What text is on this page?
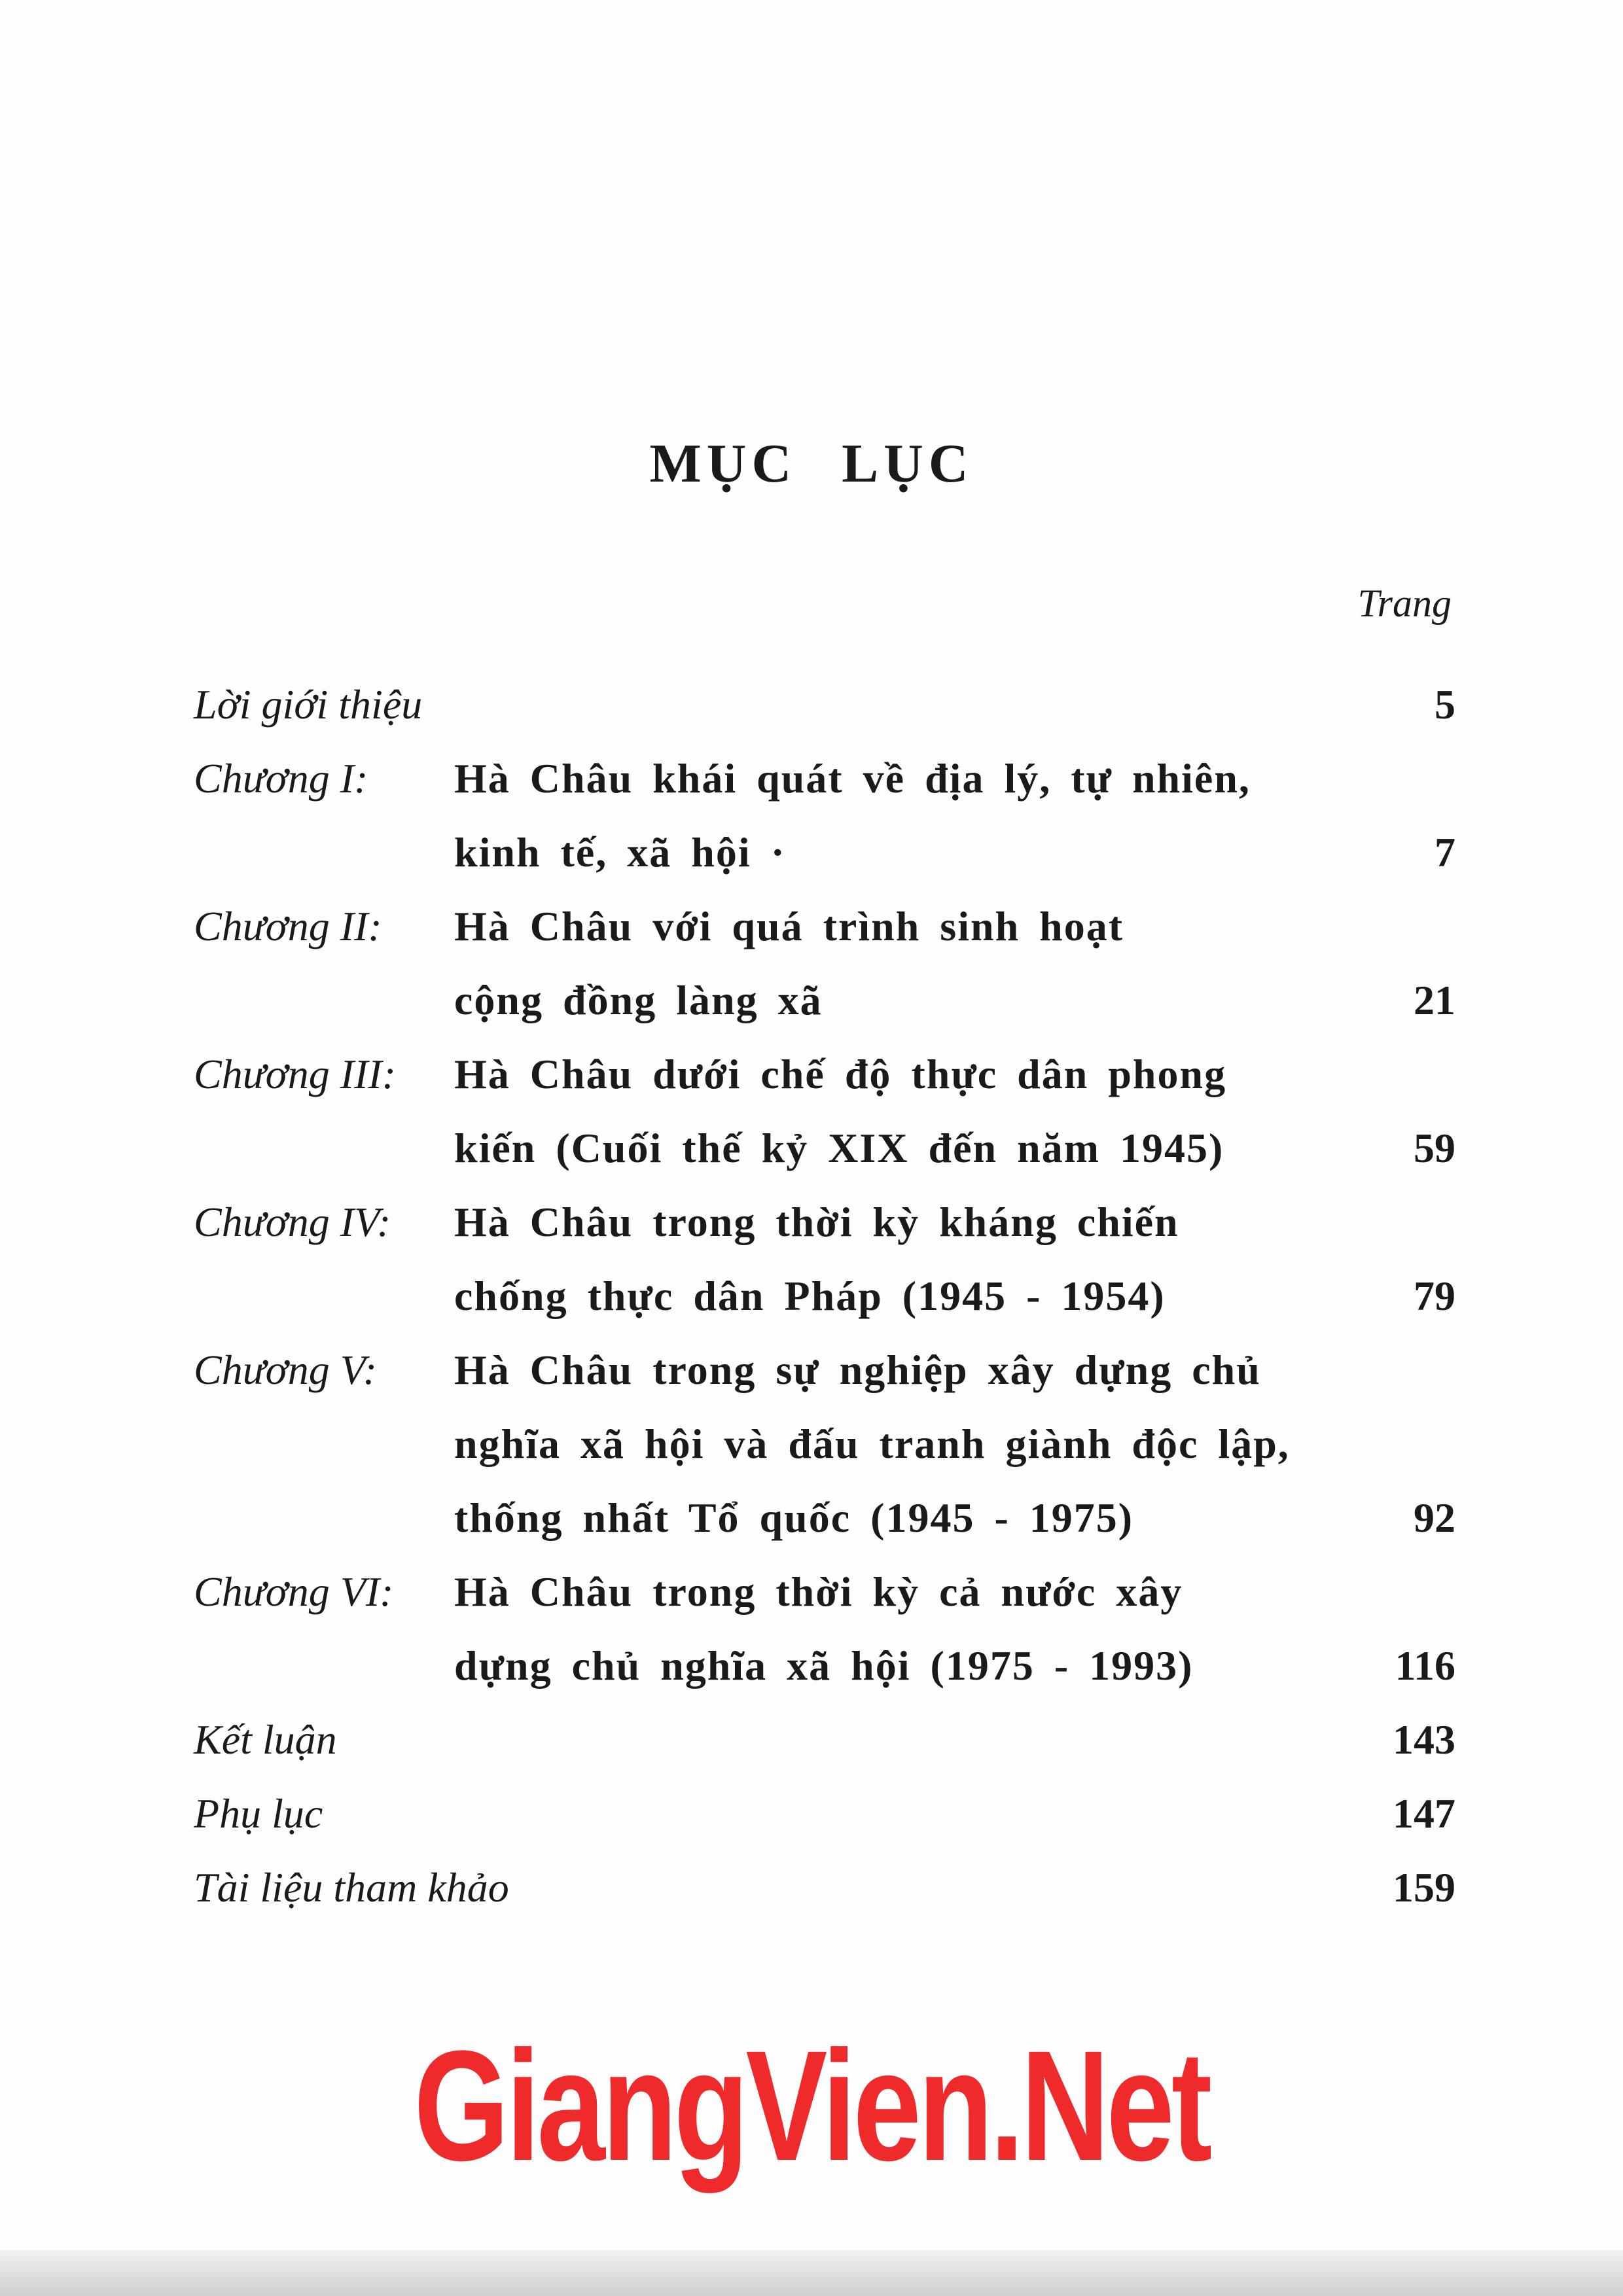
MỤC LỤC
Trang
Lời giới thiệu	5
Chương I:	Hà Châu khái quát về địa lý, tự nhiên,
kinh tế, xã hội ·	7
Chương II:	Hà Châu với quá trình sinh hoạt
cộng đồng làng xã	21
Chương III:	Hà Châu dưới chế độ thực dân phong
kiến (Cuối thế kỷ XIX đến năm 1945)	59
Chương IV:	Hà Châu trong thời kỳ kháng chiến
chống thực dân Pháp (1945 - 1954)	79
Chương V:	Hà Châu trong sự nghiệp xây dựng chủ
nghĩa xã hội và đấu tranh giành độc lập,
thống nhất Tổ quốc (1945 - 1975)	92
Chương VI:	Hà Châu trong thời kỳ cả nước xây
dựng chủ nghĩa xã hội (1975 - 1993)	116
Kết luận	143
Phụ lục	147
Tài liệu tham khảo	159
GiangVien.Net
